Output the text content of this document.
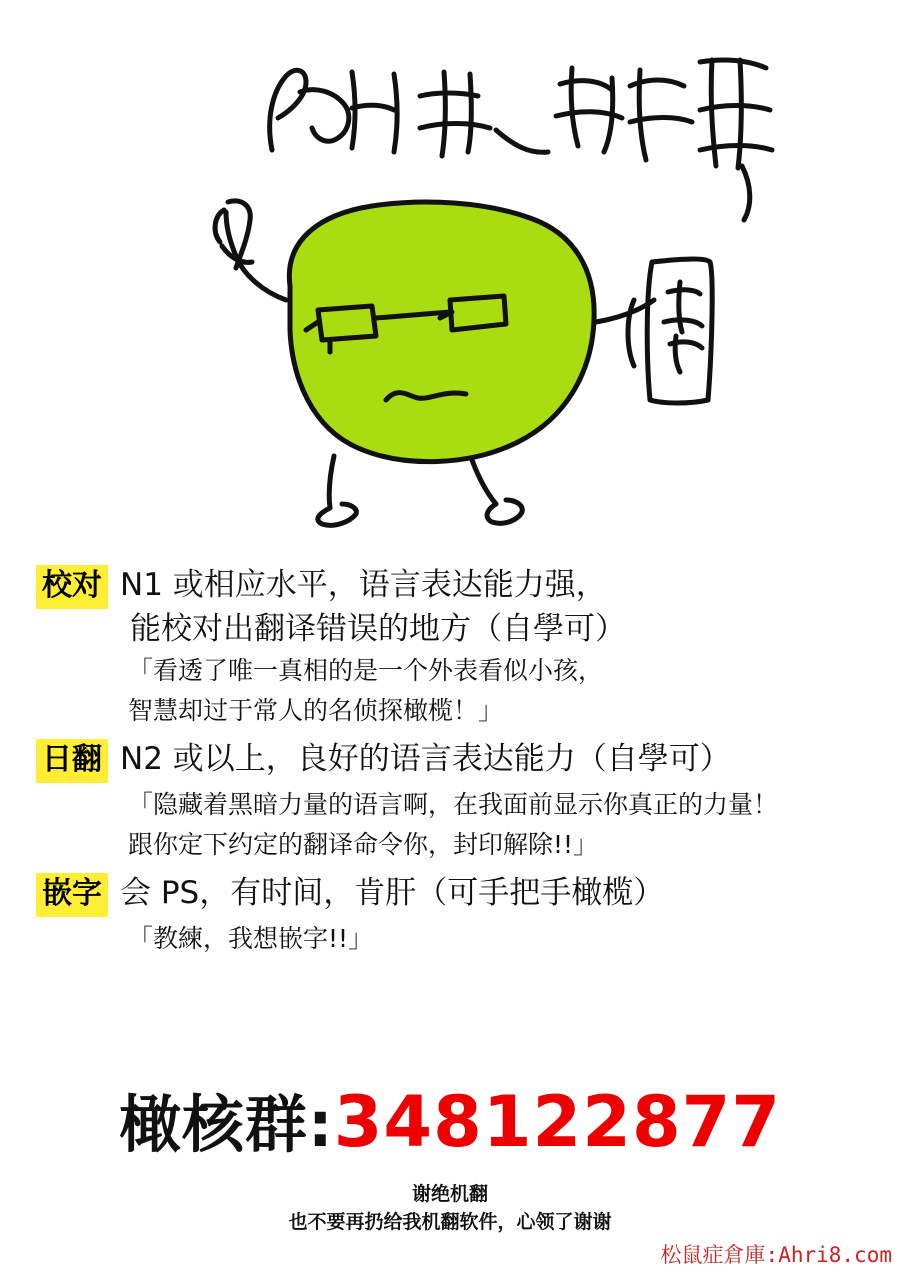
校对 N1 或相应水平，语言表达能力强，
能校对出翻译错误的地方（自學可）
「看透了唯一真相的是一个外表看似小孩，
智慧却过于常人的名侦探橄榄！」
日翻 N2 或以上，良好的语言表达能力（自學可）
「隐藏着黑暗力量的语言啊，在我面前显示你真正的力量！
跟你定下约定的翻译命令你，封印解除!!」
嵌字 会 PS，有时间，肯肝（可手把手橄榄）
「教練，我想嵌字!!」
橄核群:348122877
谢绝机翻
也不要再扔给我机翻软件，心领了谢谢
松鼠症倉庫:Ahri8.com
